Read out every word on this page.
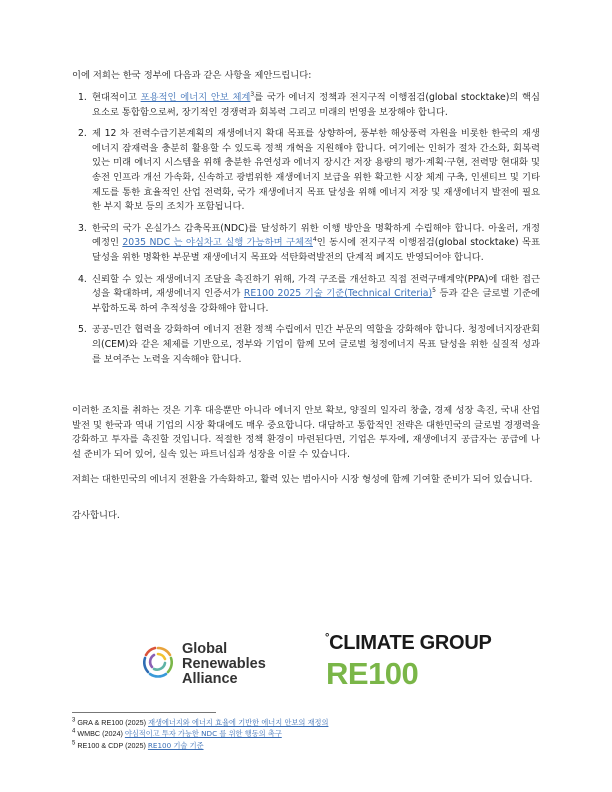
이에 저희는 한국 정부에 다음과 같은 사항을 제안드립니다:
1. 현대적이고 포용적인 에너지 안보 체계$^3$를 국가 에너지 정책과 전지구적 이행점검(global stocktake)의 핵심 요소로 통합함으로써, 장기적인 경쟁력과 회복력 그리고 미래의 번영을 보장해야 합니다.
2. 제 12 차 전력수급기본계획의 재생에너지 확대 목표를 상향하여, 풍부한 해상풍력 자원을 비롯한 한국의 재생에너지 잠재력을 충분히 활용할 수 있도록 정책 개혁을 지원해야 합니다. 여기에는 인허가 절차 간소화, 회복력 있는 미래 에너지 시스템을 위해 충분한 유연성과 에너지 장시간 저장 용량의 평가·계획·구현, 전력망 현대화 및 송전 인프라 개선 가속화, 신속하고 광범위한 재생에너지 보급을 위한 확고한 시장 체계 구축, 인센티브 및 기타 제도를 통한 효율적인 산업 전력화, 국가 재생에너지 목표 달성을 위해 에너지 저장 및 재생에너지 발전에 필요한 부지 확보 등의 조치가 포함됩니다.
3. 한국의 국가 온실가스 감축목표(NDC)를 달성하기 위한 이행 방안을 명확하게 수립해야 합니다. 아울러, 개정 예정인 2035 NDC 는 야심차고 실행 가능하며 구체적$^4$인 동시에 전지구적 이행점검(global stocktake) 목표 달성을 위한 명확한 부문별 재생에너지 목표와 석탄화력발전의 단계적 폐지도 반영되어야 합니다.
4. 신뢰할 수 있는 재생에너지 조달을 촉진하기 위해, 가격 구조를 개선하고 직접 전력구매계약(PPA)에 대한 접근성을 확대하며, 재생에너지 인증서가 RE100 2025 기술 기준(Technical Criteria)$^5$ 등과 같은 글로벌 기준에 부합하도록 하여 추적성을 강화해야 합니다.
5. 공공-민간 협력을 강화하여 에너지 전환 정책 수립에서 민간 부문의 역할을 강화해야 합니다. 청정에너지장관회의(CEM)와 같은 체제를 기반으로, 정부와 기업이 함께 모여 글로벌 청정에너지 목표 달성을 위한 실질적 성과를 보여주는 노력을 지속해야 합니다.
이러한 조치를 취하는 것은 기후 대응뿐만 아니라 에너지 안보 확보, 양질의 일자리 창출, 경제 성장 촉진, 국내 산업 발전 및 한국과 역내 기업의 시장 확대에도 매우 중요합니다. 대담하고 통합적인 전략은 대한민국의 글로벌 경쟁력을 강화하고 투자를 촉진할 것입니다. 적절한 정책 환경이 마련된다면, 기업은 투자에, 재생에너지 공급자는 공급에 나설 준비가 되어 있어, 실속 있는 파트너십과 성장을 이끌 수 있습니다.
저희는 대한민국의 에너지 전환을 가속화하고, 활력 있는 범아시아 시장 형성에 함께 기여할 준비가 되어 있습니다.
감사합니다.
Global
Renewables
Alliance
°CLIMATE GROUP
RE100
$^3$ GRA & RE100 (2025) 재생에너지와 에너지 효율에 기반한 에너지 안보의 재정의
$^4$ WMBC (2024) 야심적이고 투자 가능한 NDC 를 위한 행동의 촉구
$^5$ RE100 & CDP (2025) RE100 기술 기준
